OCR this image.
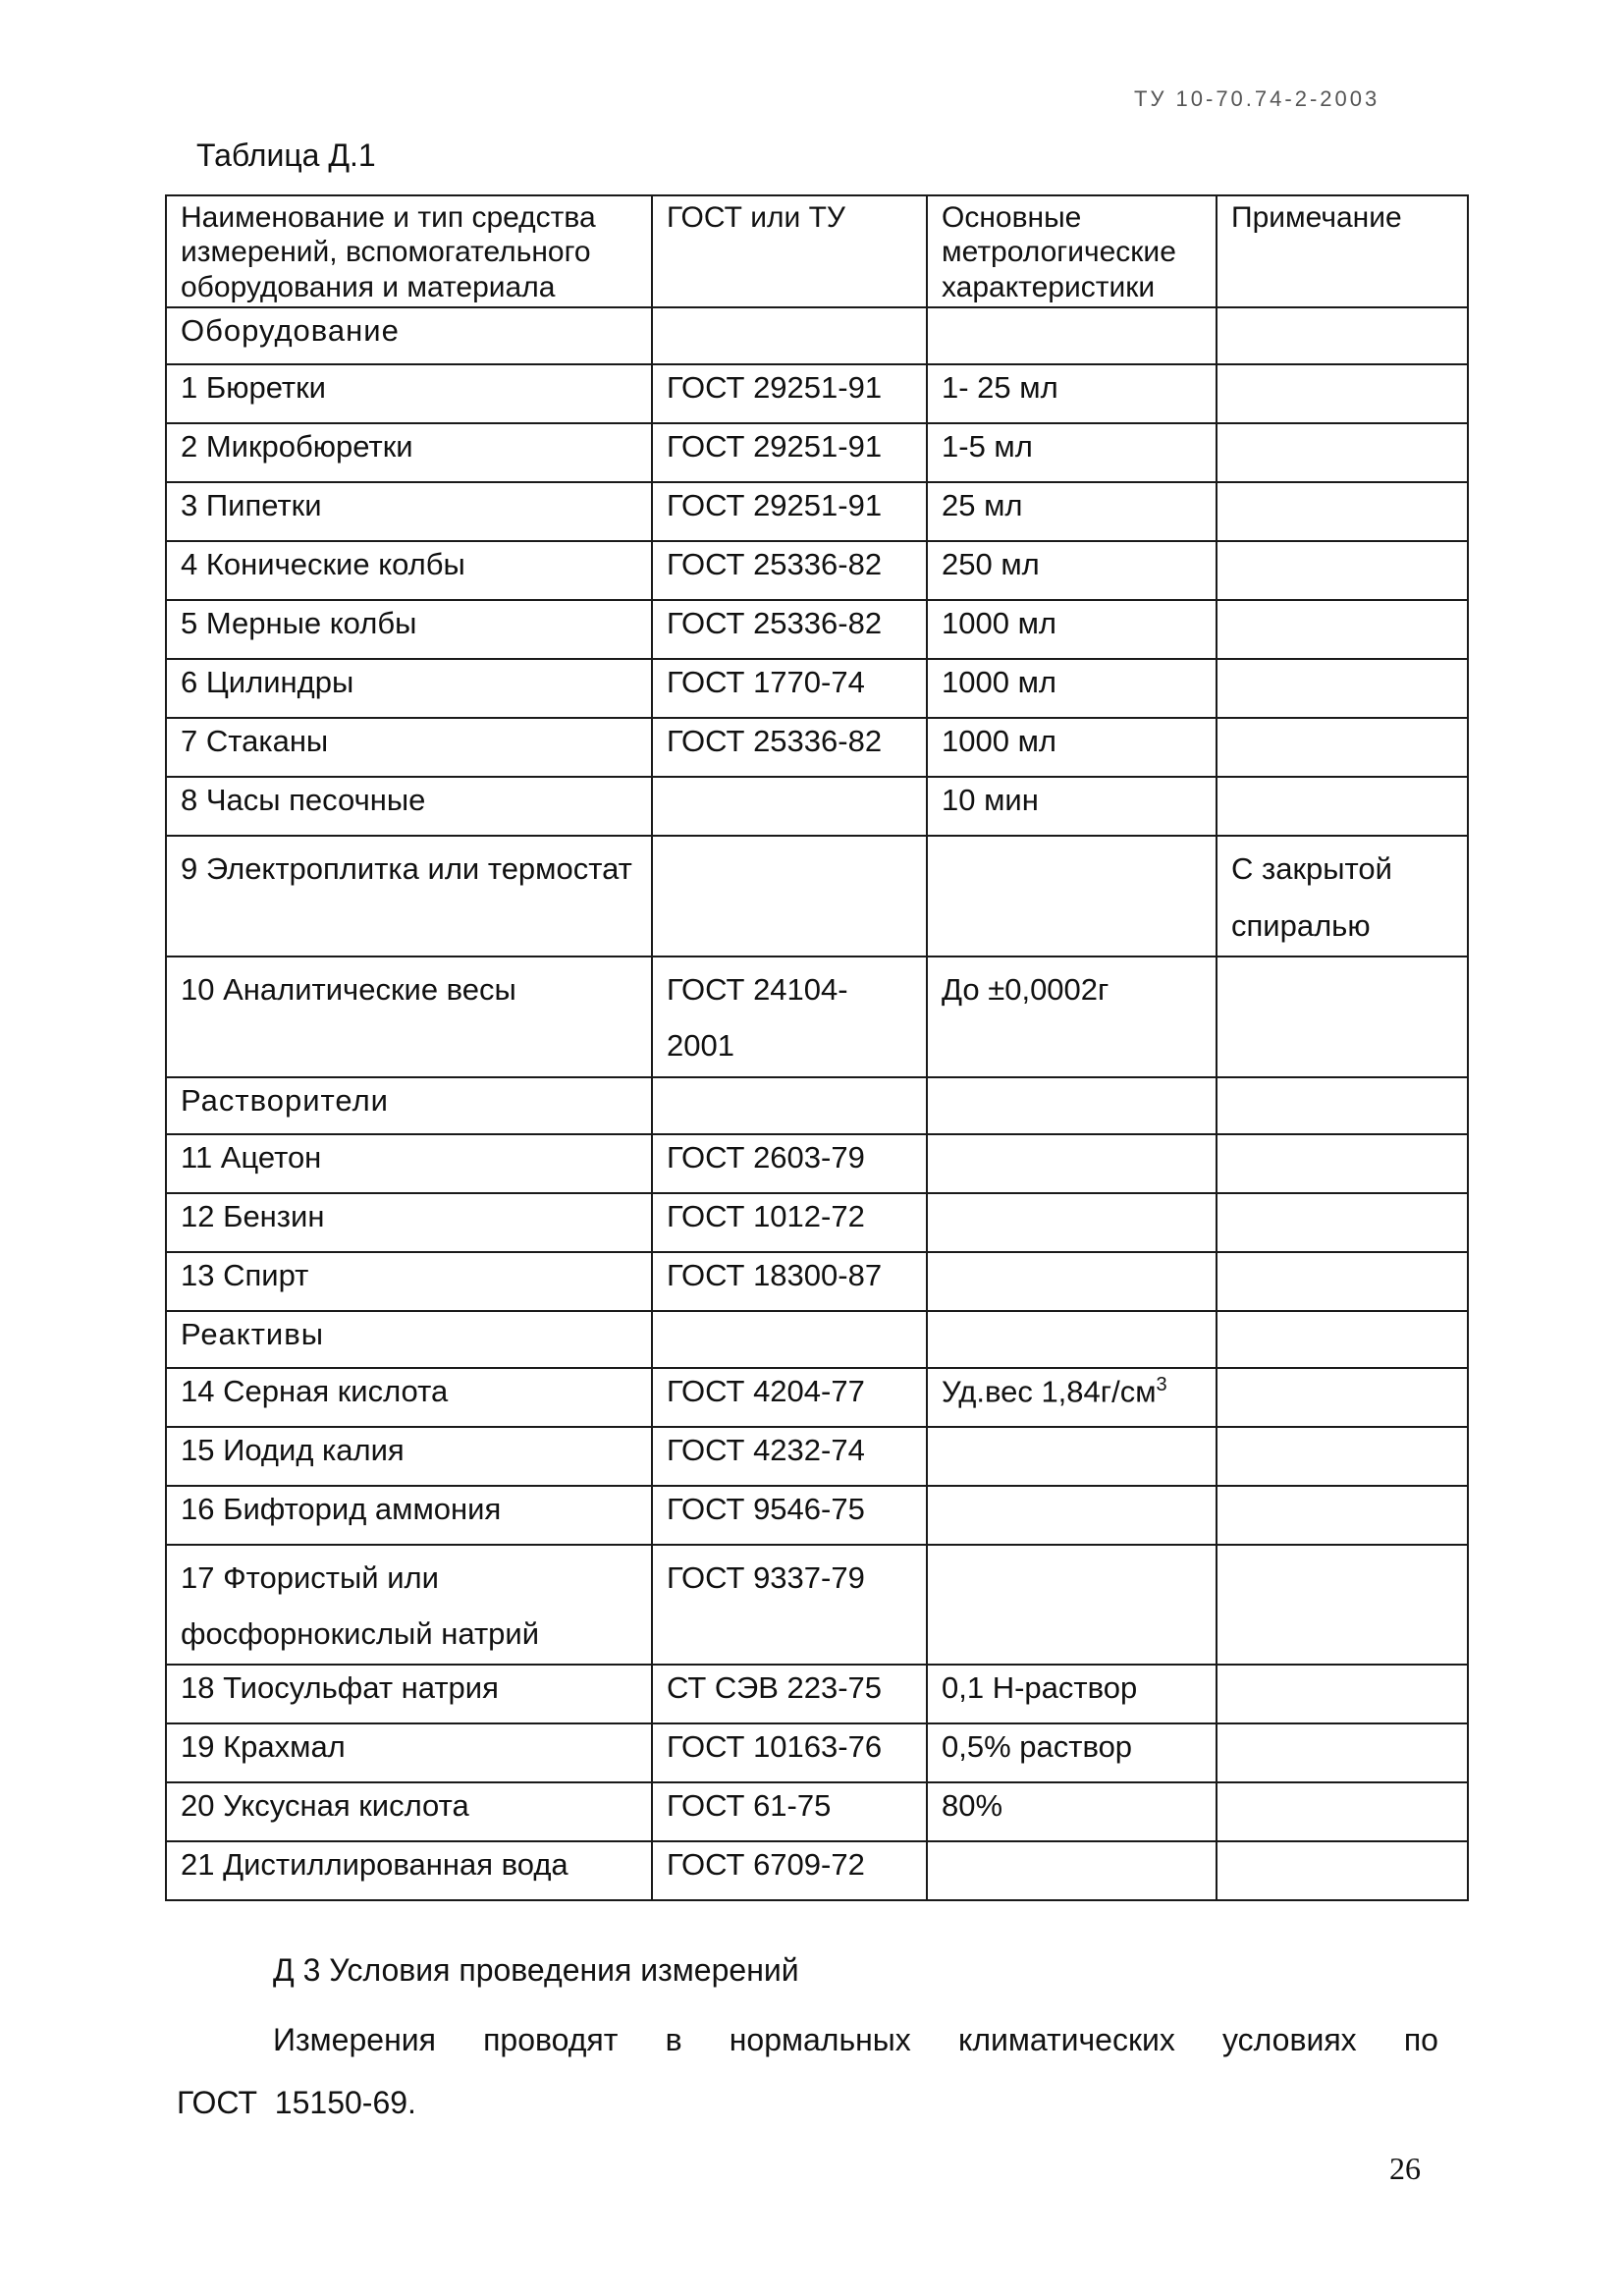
ТУ 10-70.74-2-2003
Таблица Д.1
Наименование и тип средства измерений, вспомогательного оборудования и материала	ГОСТ или ТУ	Основные метрологические характеристики	Примечание
Оборудование			
1 Бюретки	ГОСТ 29251-91	1- 25 мл	
2 Микробюретки	ГОСТ 29251-91	1-5 мл	
3 Пипетки	ГОСТ 29251-91	25 мл	
4 Конические колбы	ГОСТ 25336-82	250 мл	
5 Мерные колбы	ГОСТ 25336-82	1000 мл	
6 Цилиндры	ГОСТ 1770-74	1000 мл	
7 Стаканы	ГОСТ 25336-82	1000 мл	
8 Часы песочные		10 мин	
9 Электроплитка или термостат			С закрытой спиралью
10 Аналитические весы	ГОСТ 24104-2001	До ±0,0002г	
Растворители			
11 Ацетон	ГОСТ 2603-79		
12 Бензин	ГОСТ 1012-72		
13 Спирт	ГОСТ 18300-87		
Реактивы			
14 Серная кислота	ГОСТ 4204-77	Уд.вес $1,84г/см^3$	
15 Иодид калия	ГОСТ 4232-74		
16 Бифторид аммония	ГОСТ 9546-75		
17 Фтористый или фосфорнокислый натрий	ГОСТ 9337-79		
18 Тиосульфат натрия	СТ СЭВ 223-75	0,1 Н-раствор	
19 Крахмал	ГОСТ 10163-76	0,5% раствор	
20 Уксусная кислота	ГОСТ 61-75	80%	
21 Дистиллированная вода	ГОСТ 6709-72		
Д 3 Условия проведения измерений
Измерения проводят в нормальных климатических условиях по
ГОСТ  15150-69.
26
